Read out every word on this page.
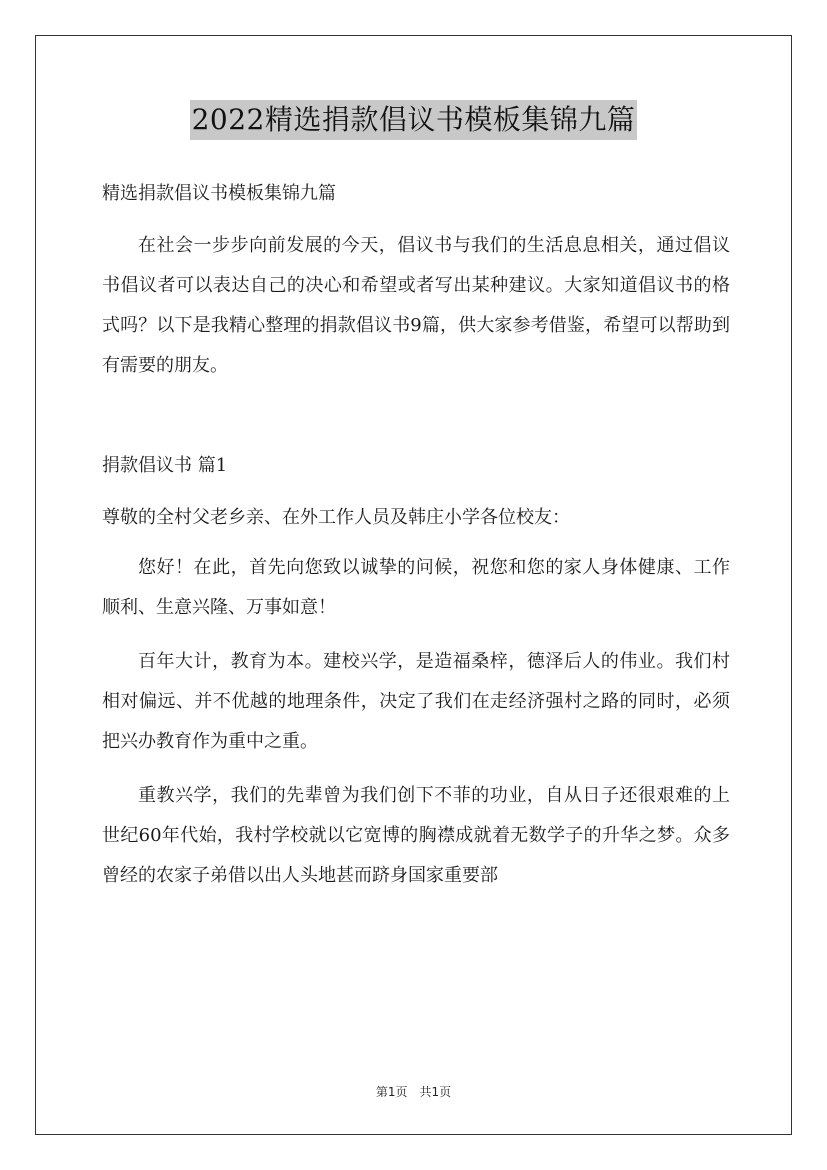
2022精选捐款倡议书模板集锦九篇

精选捐款倡议书模板集锦九篇

在社会一步步向前发展的今天，倡议书与我们的生活息息相关，通过倡议书倡议者可以表达自己的决心和希望或者写出某种建议。大家知道倡议书的格式吗？以下是我精心整理的捐款倡议书9篇，供大家参考借鉴，希望可以帮助到有需要的朋友。

捐款倡议书 篇1

尊敬的全村父老乡亲、在外工作人员及韩庄小学各位校友：

您好！在此，首先向您致以诚挚的问候，祝您和您的家人身体健康、工作顺利、生意兴隆、万事如意！

百年大计，教育为本。建校兴学，是造福桑梓，德泽后人的伟业。我们村相对偏远、并不优越的地理条件，决定了我们在走经济强村之路的同时，必须把兴办教育作为重中之重。

重教兴学，我们的先辈曾为我们创下不菲的功业，自从日子还很艰难的上世纪60年代始，我村学校就以它宽博的胸襟成就着无数学子的升华之梦。众多曾经的农家子弟借以出人头地甚而跻身国家重要部

第1页 共1页
